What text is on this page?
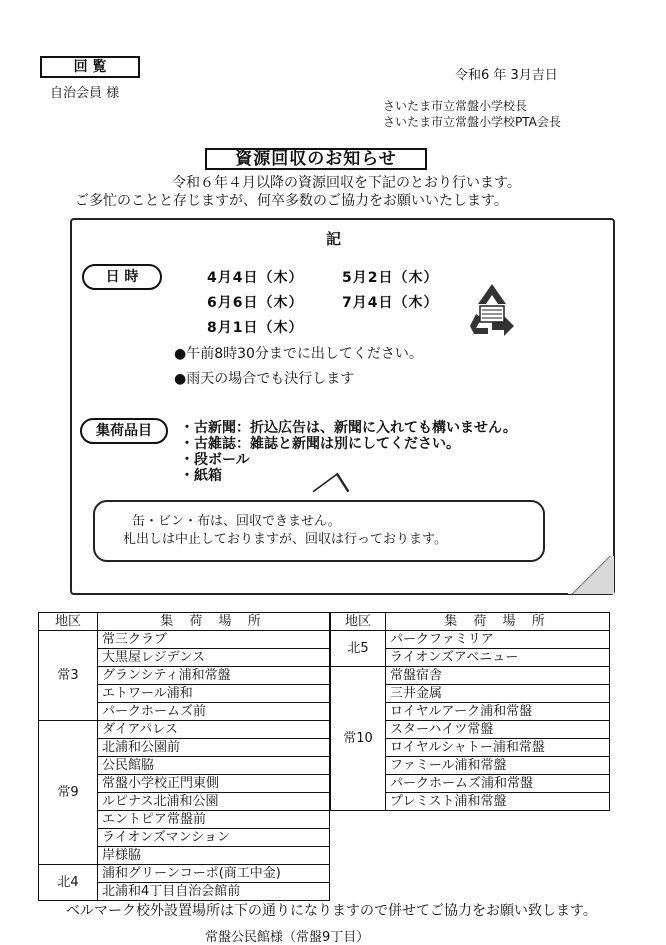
回 覧
自治会員 様
令和6 年 3月吉日
さいたま市立常盤小学校長
さいたま市立常盤小学校PTA会長
資源回収のお知らせ
令和６年４月以降の資源回収を下記のとおり行います。
ご多忙のことと存じますが、何卒多数のご協力をお願いいたします。
記
日 時	4月4日（木）	5月2日（木）
6月6日（木）	7月4日（木）
8月1日（木）
●午前8時30分までに出してください。
●雨天の場合でも決行します
集荷品目	・古新聞：折込広告は、新聞に入れても構いません。
・古雑誌：雑誌と新聞は別にしてください。
・段ボール
・紙箱
缶・ビン・布は、回収できません。
札出しは中止しておりますが、回収は行っております。
地区	集 荷 場 所
常3	常三クラブ
	大黒屋レジデンス
	グランシティ浦和常盤
	エトワール浦和
	パークホームズ前
常9	ダイアパレス
	北浦和公園前
	公民館脇
	常盤小学校正門東側
	ルピナス北浦和公園
	エントピア常盤前
	ライオンズマンション
	岸様脇
北4	浦和グリーンコーポ(商工中金)
	北浦和4丁目自治会館前
地区	集 荷 場 所
北5	パークファミリア
	ライオンズアベニュー
常10	常盤宿舎
	三井金属
	ロイヤルアーク浦和常盤
	スターハイツ常盤
	ロイヤルシャトー浦和常盤
	ファミール浦和常盤
	パークホームズ浦和常盤
	プレミスト浦和常盤
ベルマーク校外設置場所は下の通りになりますので併せてご協力をお願い致します。
常盤公民館様（常盤9丁目）
